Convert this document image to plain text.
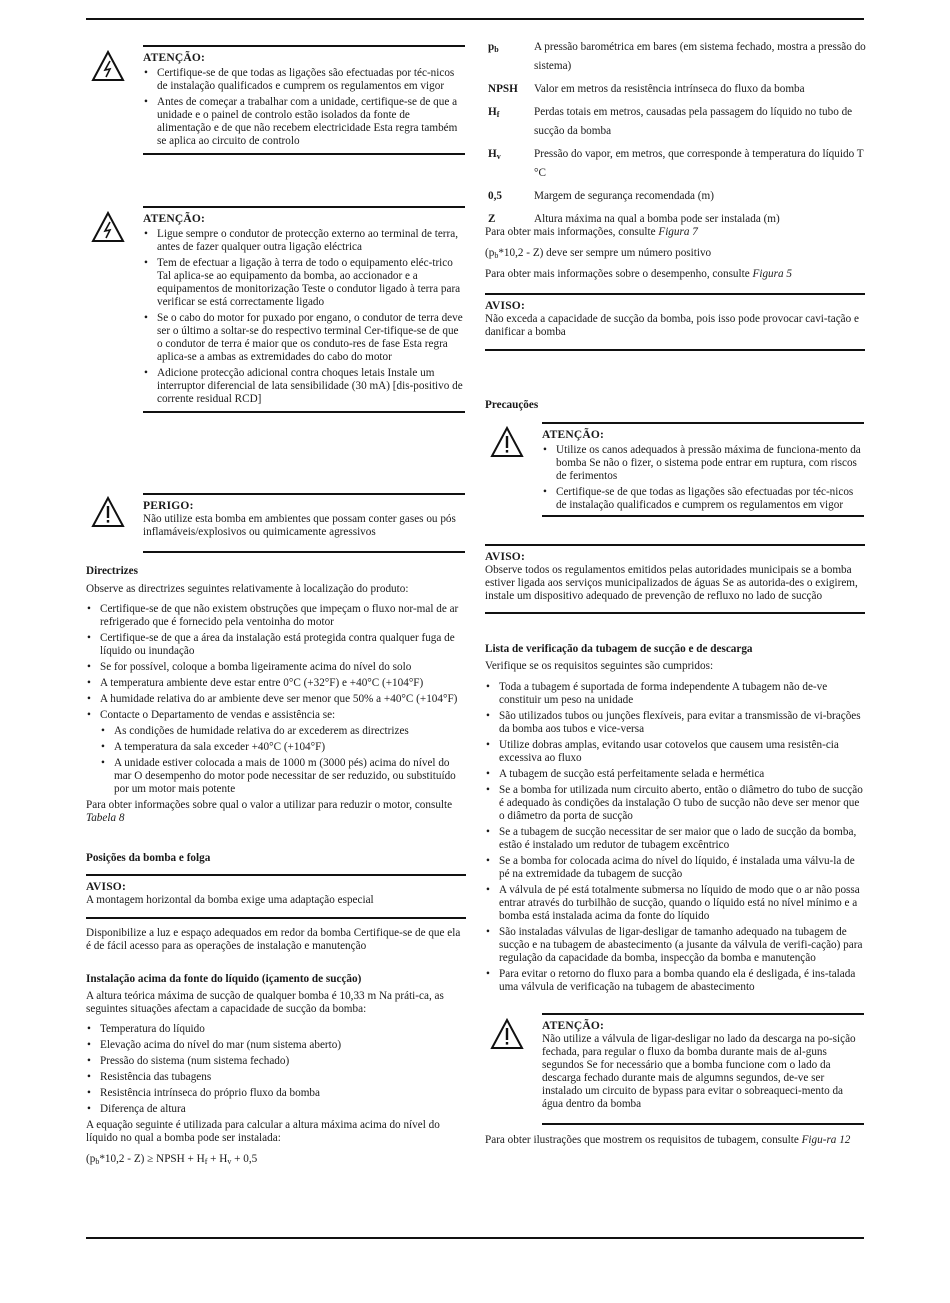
ATENÇÃO:
• Certifique-se de que todas as ligações são efectuadas por téc-nicos de instalação qualificados e cumprem os regulamentos em vigor
• Antes de começar a trabalhar com a unidade, certifique-se de que a unidade e o painel de controlo estão isolados da fonte de alimentação e de que não recebem electricidade Esta regra também se aplica ao circuito de controlo
ATENÇÃO:
• Ligue sempre o condutor de protecção externo ao terminal de terra, antes de fazer qualquer outra ligação eléctrica
• Tem de efectuar a ligação à terra de todo o equipamento eléc-trico Tal aplica-se ao equipamento da bomba, ao accionador e a equipamentos de monitorização Teste o condutor ligado à terra para verificar se está correctamente ligado
• Se o cabo do motor for puxado por engano, o condutor de terra deve ser o último a soltar-se do respectivo terminal Cer-tifique-se de que o condutor de terra é maior que os conduto-res de fase Esta regra aplica-se a ambas as extremidades do cabo do motor
• Adicione protecção adicional contra choques letais Instale um interruptor diferencial de lata sensibilidade (30 mA) [dis-positivo de corrente residual RCD]
PERIGO:

Não utilize esta bomba em ambientes que possam conter gases ou pós inflamáveis/explosivos ou quimicamente agressivos

Directrizes

Observe as directrizes seguintes relativamente à localização do produto:

• Certifique-se de que não existem obstruções que impeçam o fluxo nor-mal de ar refrigerado que é fornecido pela ventoinha do motor
• Certifique-se de que a área da instalação está protegida contra qualquer fuga de líquido ou inundação
• Se for possível, coloque a bomba ligeiramente acima do nível do solo
• A temperatura ambiente deve estar entre 0°C (+32°F) e +40°C (+104°F)
• A humidade relativa do ar ambiente deve ser menor que 50% a +40°C (+104°F)
• Contacte o Departamento de vendas e assistência se:
• As condições de humidade relativa do ar excederem as directrizes
• A temperatura da sala exceder +40°C (+104°F)
• A unidade estiver colocada a mais de 1000 m (3000 pés) acima do nível do mar O desempenho do motor pode necessitar de ser reduzido, ou substituído por um motor mais potente

Para obter informações sobre qual o valor a utilizar para reduzir o motor, consulte Tabela 8

Posições da bomba e folga
AVISO:

A montagem horizontal da bomba exige uma adaptação especial

Disponibilize a luz e espaço adequados em redor da bomba Certifique-se de que ela é de fácil acesso para as operações de instalação e manutenção

Instalação acima da fonte do líquido (içamento de sucção)

A altura teórica máxima de sucção de qualquer bomba é 10,33 m Na práti-ca, as seguintes situações afectam a capacidade de sucção da bomba:

• Temperatura do líquido
• Elevação acima do nível do mar (num sistema aberto)
• Pressão do sistema (num sistema fechado)
• Resistência das tubagens
• Resistência intrínseca do próprio fluxo da bomba
• Diferença de altura

A equação seguinte é utilizada para calcular a altura máxima acima do nível do líquido no qual a bomba pode ser instalada:

$(p_b*10,2 - Z)$ ≥ NPSH + $H_f + H_v + 0,5$

$p_b$	A pressão barométrica em bares (em sistema fechado, mostra a pressão do sistema)
NPSH	Valor em metros da resistência intrínseca do fluxo da bomba
$H_f$	Perdas totais em metros, causadas pela passagem do líquido no tubo de sucção da bomba
$H_v$	Pressão do vapor, em metros, que corresponde à temperatura do líquido T °C
0,5	Margem de segurança recomendada (m)
Z	Altura máxima na qual a bomba pode ser instalada (m)

Para obter mais informações, consulte Figura 7

$(p_b*10,2 - Z)$ deve ser sempre um número positivo

Para obter mais informações sobre o desempenho, consulte Figura 5

AVISO:

Não exceda a capacidade de sucção da bomba, pois isso pode provocar cavi-tação e danificar a bomba

Precauções
ATENÇÃO:
• Utilize os canos adequados à pressão máxima de funciona-mento da bomba Se não o fizer, o sistema pode entrar em ruptura, com riscos de ferimentos
• Certifique-se de que todas as ligações são efectuadas por téc-nicos de instalação qualificados e cumprem os regulamentos em vigor
AVISO:

Observe todos os regulamentos emitidos pelas autoridades municipais se a bomba estiver ligada aos serviços municipalizados de águas Se as autorida-des o exigirem, instale um dispositivo adequado de prevenção de refluxo no lado de sucção

Lista de verificação da tubagem de sucção e de descarga

Verifique se os requisitos seguintes são cumpridos:

• Toda a tubagem é suportada de forma independente A tubagem não de-ve constituir um peso na unidade
• São utilizados tubos ou junções flexíveis, para evitar a transmissão de vi-brações da bomba aos tubos e vice-versa
• Utilize dobras amplas, evitando usar cotovelos que causem uma resistên-cia excessiva ao fluxo
• A tubagem de sucção está perfeitamente selada e hermética
• Se a bomba for utilizada num circuito aberto, então o diâmetro do tubo de sucção é adequado às condições da instalação O tubo de sucção não deve ser menor que o diâmetro da porta de sucção
• Se a tubagem de sucção necessitar de ser maior que o lado de sucção da bomba, estão é instalado um redutor de tubagem excêntrico
• Se a bomba for colocada acima do nível do líquido, é instalada uma válvu-la de pé na extremidade da tubagem de sucção
• A válvula de pé está totalmente submersa no líquido de modo que o ar não possa entrar através do turbilhão de sucção, quando o líquido está no nível mínimo e a bomba está instalada acima da fonte do líquido
• São instaladas válvulas de ligar-desligar de tamanho adequado na tubagem de sucção e na tubagem de abastecimento (a jusante da válvula de verifi-cação) para regulação da capacidade da bomba, inspecção da bomba e manutenção
• Para evitar o retorno do fluxo para a bomba quando ela é desligada, é ins-talada uma válvula de verificação na tubagem de abastecimento
ATENÇÃO:

Não utilize a válvula de ligar-desligar no lado da descarga na po-sição fechada, para regular o fluxo da bomba durante mais de al-guns segundos Se for necessário que a bomba funcione com o lado da descarga fechado durante mais de algumns segundos, de-ve ser instalado um circuito de bypass para evitar o sobreaqueci-mento da água dentro da bomba

Para obter ilustrações que mostrem os requisitos de tubagem, consulte Figu-ra 12
